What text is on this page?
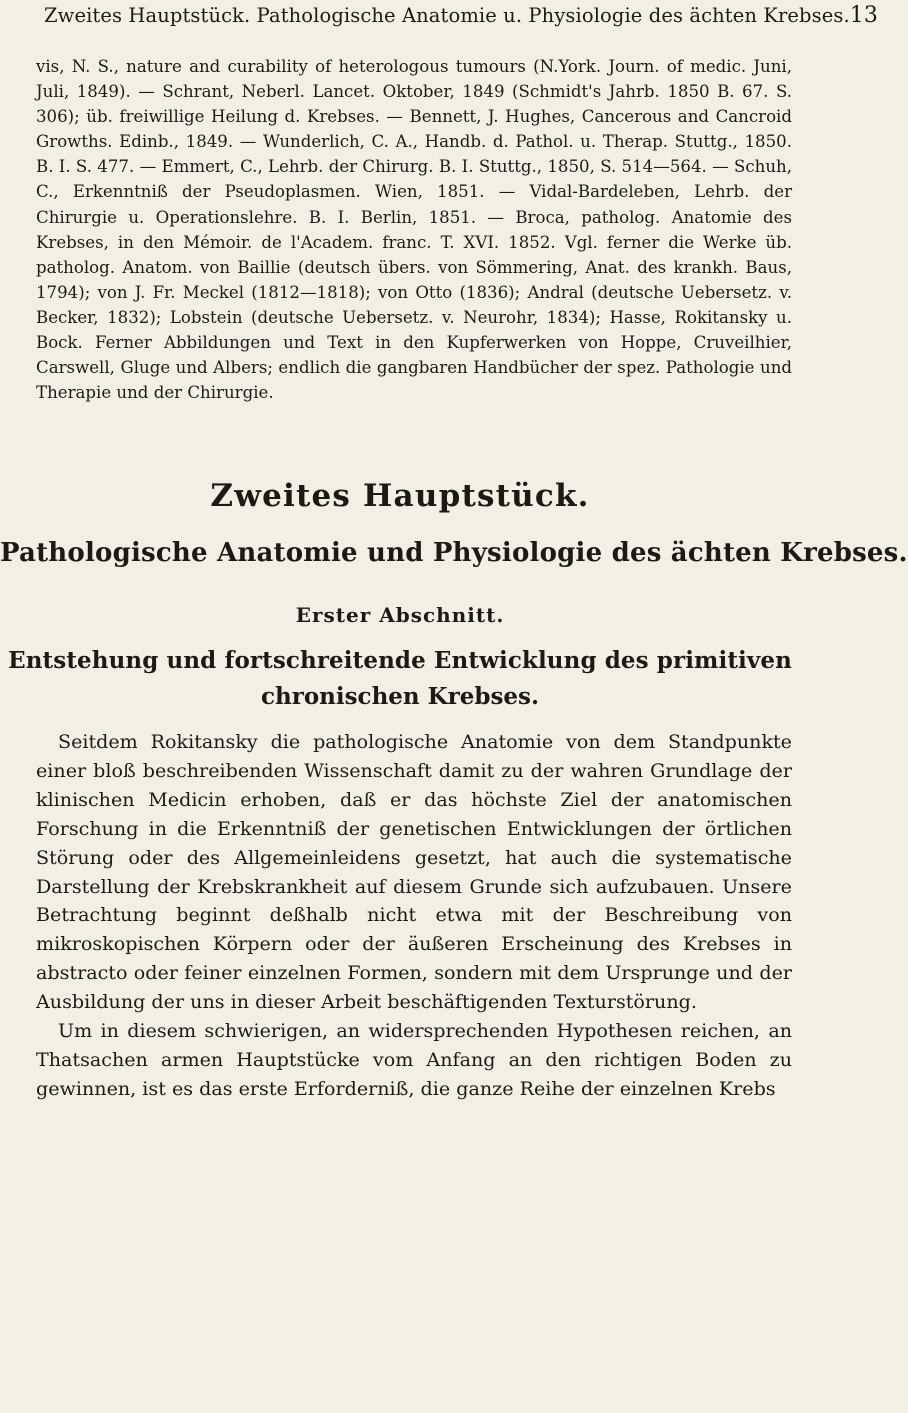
Zweites Hauptstück. Pathologische Anatomie u. Physiologie des ächten Krebses. 13

vis, N. S., nature and curability of heterologous tumours (N.York. Journ. of medic. Juni, Juli, 1849). — Schrant, Neberl. Lancet. Oktober, 1849 (Schmidt's Jahrb. 1850 B. 67. S. 306); üb. freiwillige Heilung d. Krebses. — Bennett, J. Hughes, Cancerous and Cancroid Growths. Edinb., 1849. — Wunderlich, C. A., Handb. d. Pathol. u. Therap. Stuttg., 1850. B. I. S. 477. — Emmert, C., Lehrb. der Chirurg. B. I. Stuttg., 1850, S. 514—564. — Schuh, C., Erkenntniß der Pseudoplasmen. Wien, 1851. — Vidal-Bardeleben, Lehrb. der Chirurgie u. Operationslehre. B. I. Berlin, 1851. — Broca, patholog. Anatomie des Krebses, in den Mémoir. de l'Academ. franc. T. XVI. 1852. Vgl. ferner die Werke üb. patholog. Anatom. von Baillie (deutsch übers. von Sömmering, Anat. des krankh. Baus, 1794); von J. Fr. Meckel (1812—1818); von Otto (1836); Andral (deutsche Uebersetz. v. Becker, 1832); Lobstein (deutsche Uebersetz. v. Neurohr, 1834); Hasse, Rokitansky u. Bock. Ferner Abbildungen und Text in den Kupferwerken von Hoppe, Cruveilhier, Carswell, Gluge und Albers; endlich die gangbaren Handbücher der spez. Pathologie und Therapie und der Chirurgie.

Zweites Hauptstück.
Pathologische Anatomie und Physiologie des ächten Krebses.
Erster Abschnitt.
Entstehung und fortschreitende Entwicklung des primitiven
chronischen Krebses.

Seitdem Rokitansky die pathologische Anatomie von dem Standpunkte einer bloß beschreibenden Wissenschaft damit zu der wahren Grundlage der klinischen Medicin erhoben, daß er das höchste Ziel der anatomischen Forschung in die Erkenntniß der genetischen Entwicklungen der örtlichen Störung oder des Allgemeinleidens gesetzt, hat auch die systematische Darstellung der Krebskrankheit auf diesem Grunde sich aufzubauen. Unsere Betrachtung beginnt deßhalb nicht etwa mit der Beschreibung von mikroskopischen Körpern oder der äußeren Erscheinung des Krebses in abstracto oder feiner einzelnen Formen, sondern mit dem Ursprunge und der Ausbildung der uns in dieser Arbeit beschäftigenden Texturstörung.

Um in diesem schwierigen, an widersprechenden Hypothesen reichen, an Thatsachen armen Hauptstücke vom Anfang an den richtigen Boden zu gewinnen, ist es das erste Erforderniß, die ganze Reihe der einzelnen Krebs
